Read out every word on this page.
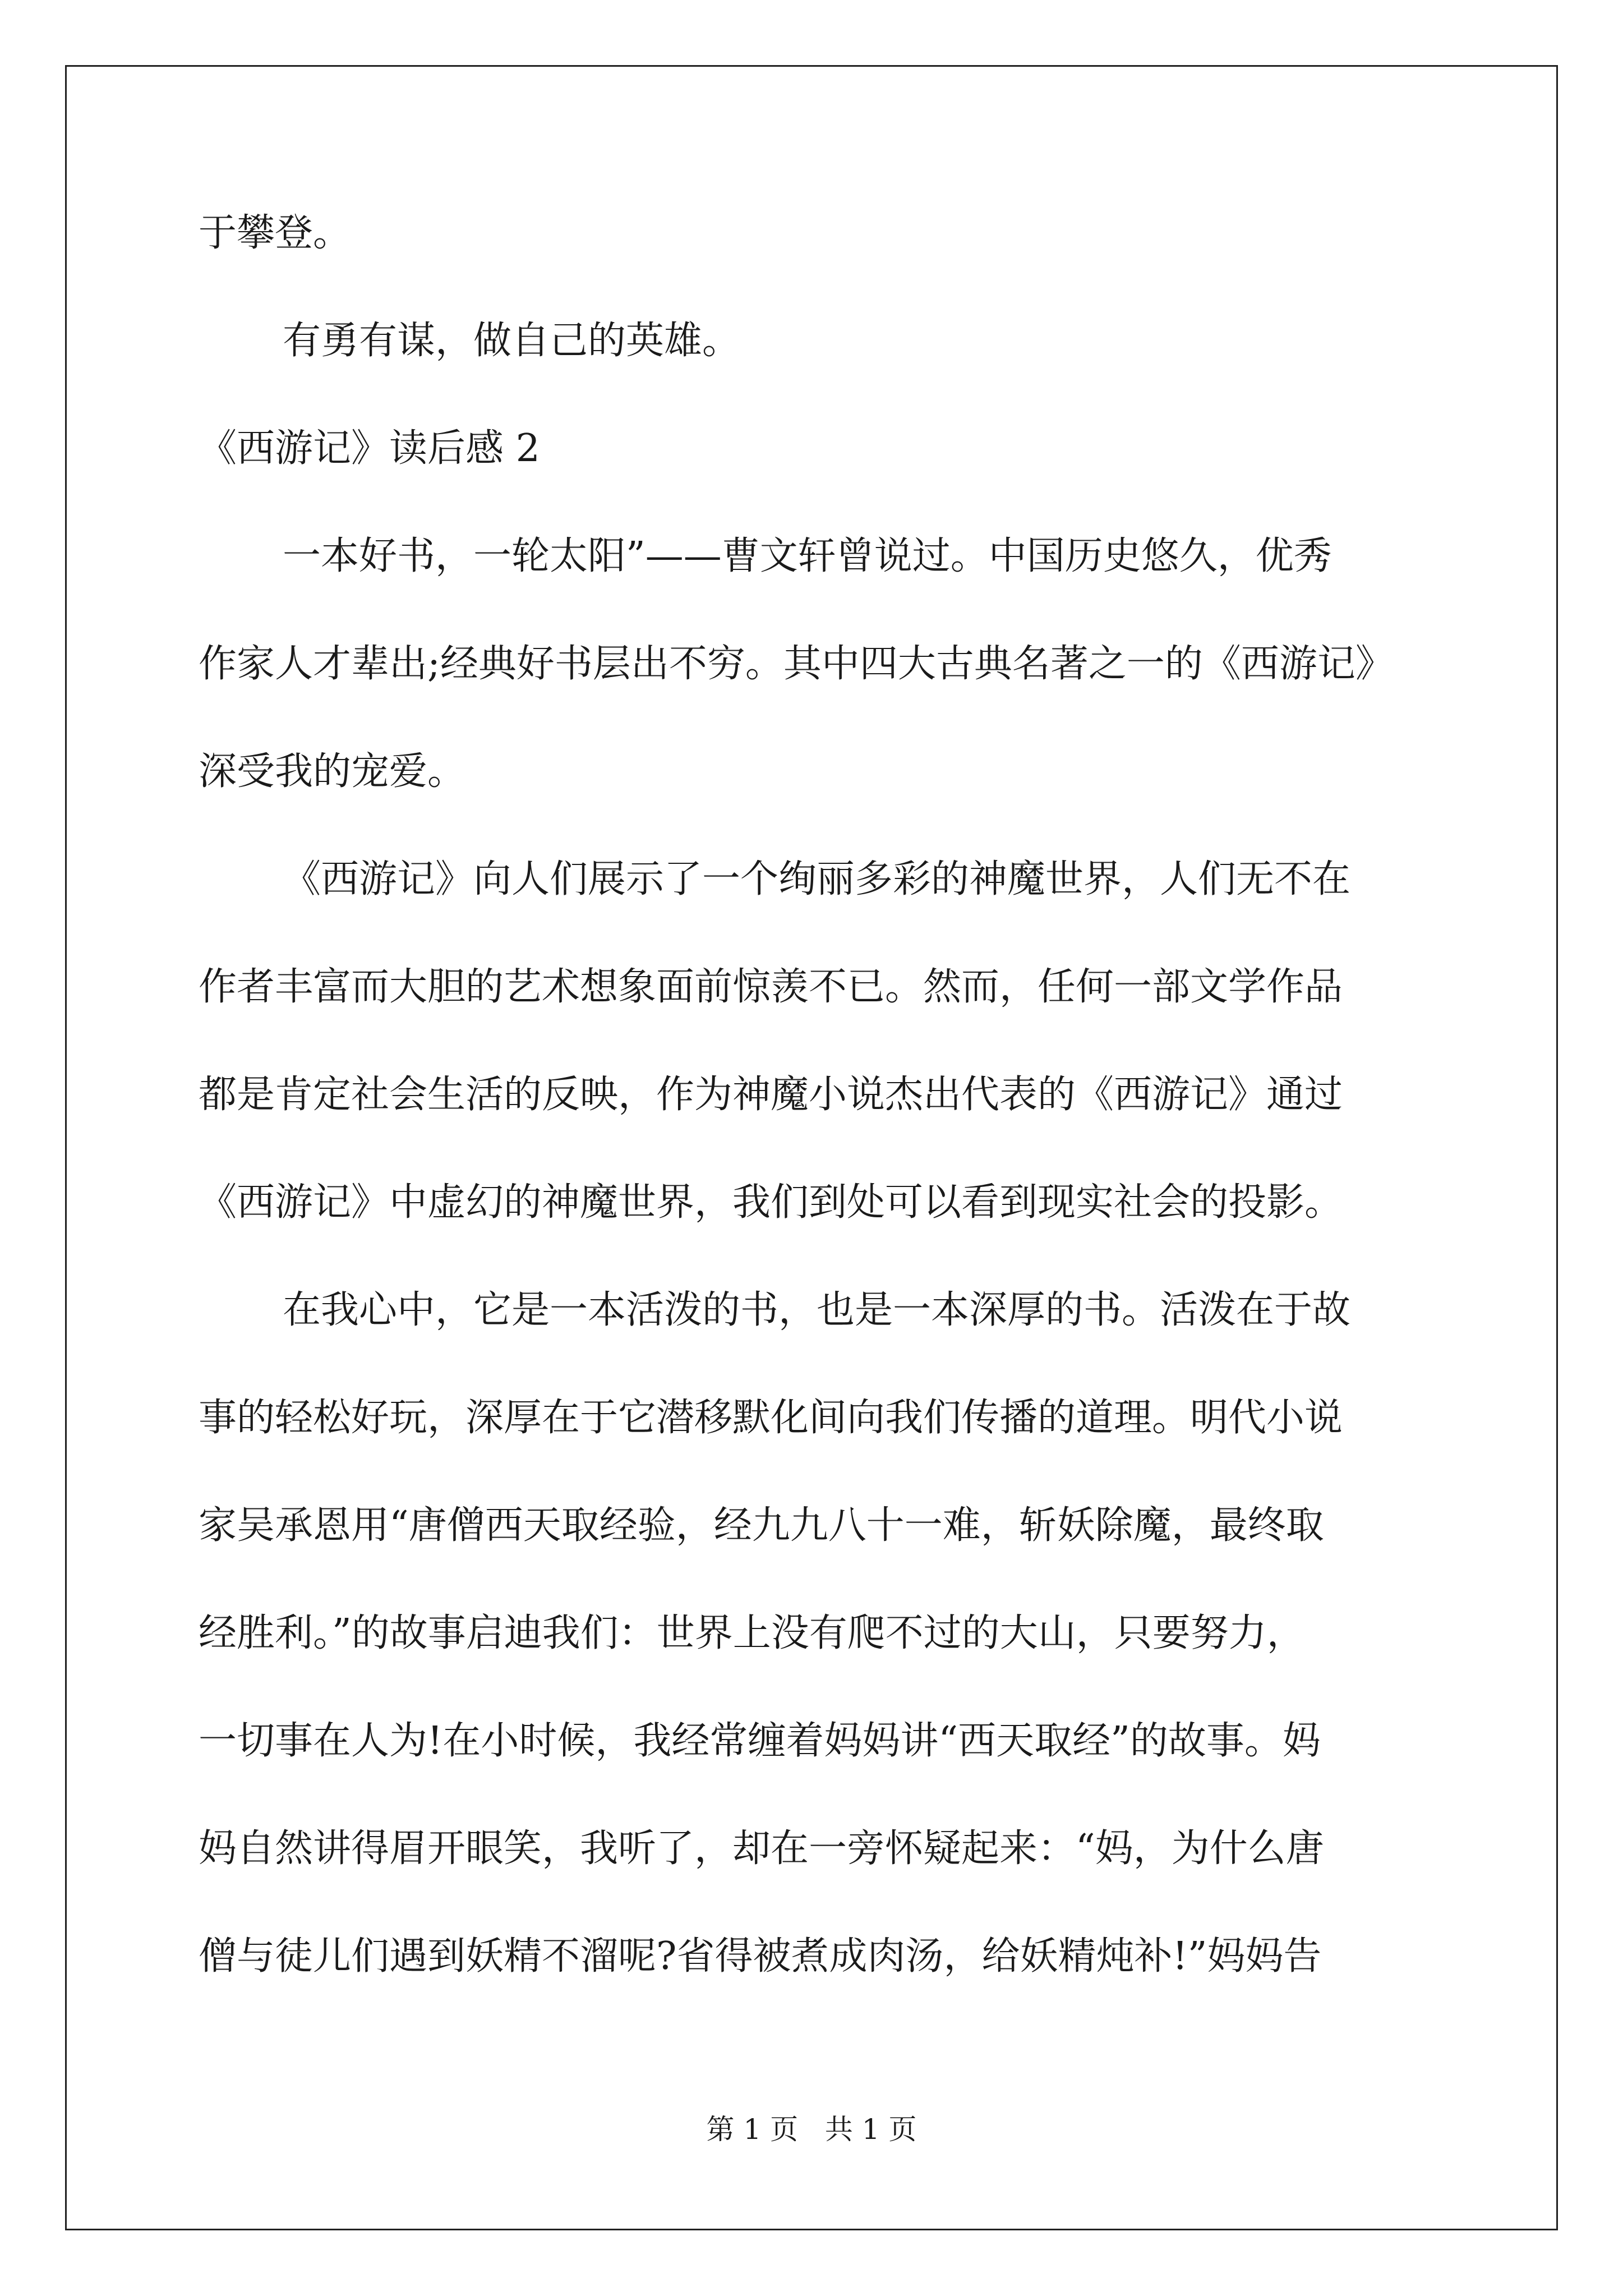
于攀登。
有勇有谋，做自己的英雄。
《西游记》读后感 2
一本好书，一轮太阳”——曹文轩曾说过。中国历史悠久，优秀
作家人才辈出;经典好书层出不穷。其中四大古典名著之一的《西游记》
深受我的宠爱。
《西游记》向人们展示了一个绚丽多彩的神魔世界，人们无不在
作者丰富而大胆的艺术想象面前惊羡不已。然而，任何一部文学作品
都是肯定社会生活的反映，作为神魔小说杰出代表的《西游记》通过
《西游记》中虚幻的神魔世界，我们到处可以看到现实社会的投影。
在我心中，它是一本活泼的书，也是一本深厚的书。活泼在于故
事的轻松好玩，深厚在于它潜移默化间向我们传播的道理。明代小说
家吴承恩用“唐僧西天取经验，经九九八十一难，斩妖除魔，最终取
经胜利。”的故事启迪我们：世界上没有爬不过的大山，只要努力，
一切事在人为!在小时候，我经常缠着妈妈讲“西天取经”的故事。妈
妈自然讲得眉开眼笑，我听了，却在一旁怀疑起来：“妈，为什么唐
僧与徒儿们遇到妖精不溜呢?省得被煮成肉汤，给妖精炖补!”妈妈告
第 1 页   共 1 页
